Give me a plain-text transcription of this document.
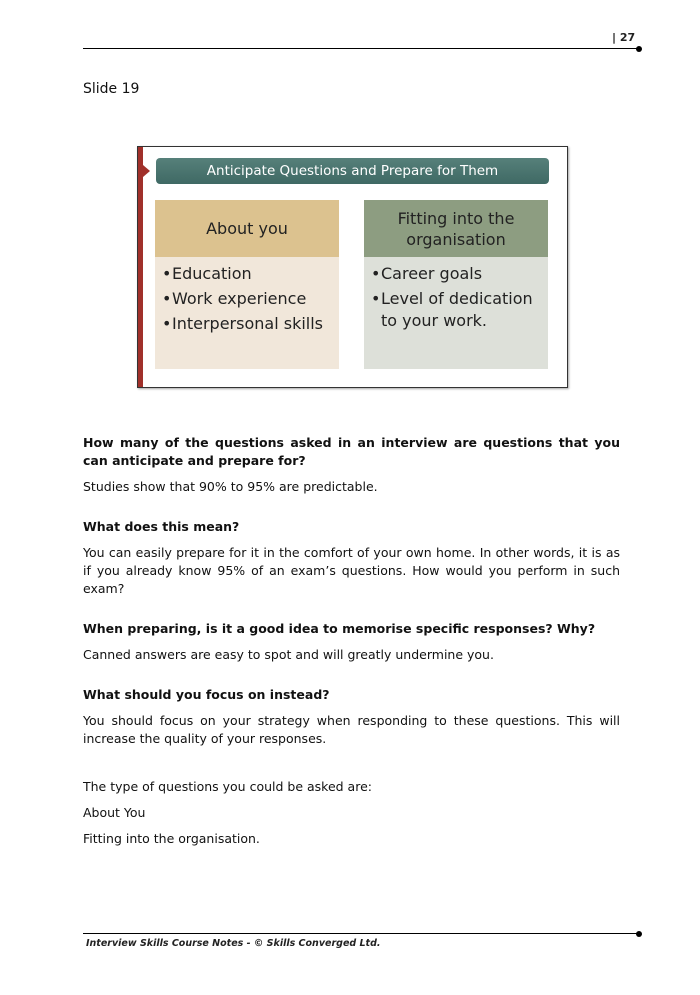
| 27
Slide 19
Anticipate Questions and Prepare for Them
About you
•Education
•Work experience
•Interpersonal skills
Fitting into the organisation
•Career goals
•Level of dedication to your work.

How many of the questions asked in an interview are questions that you can anticipate and prepare for?

Studies show that 90% to 95% are predictable.

What does this mean?

You can easily prepare for it in the comfort of your own home. In other words, it is as if you already know 95% of an exam’s questions. How would you perform in such exam?

When preparing, is it a good idea to memorise specific responses? Why?

Canned answers are easy to spot and will greatly undermine you.

What should you focus on instead?

You should focus on your strategy when responding to these questions. This will increase the quality of your responses.

The type of questions you could be asked are:

About You

Fitting into the organisation.

Interview Skills Course Notes - © Skills Converged Ltd.
